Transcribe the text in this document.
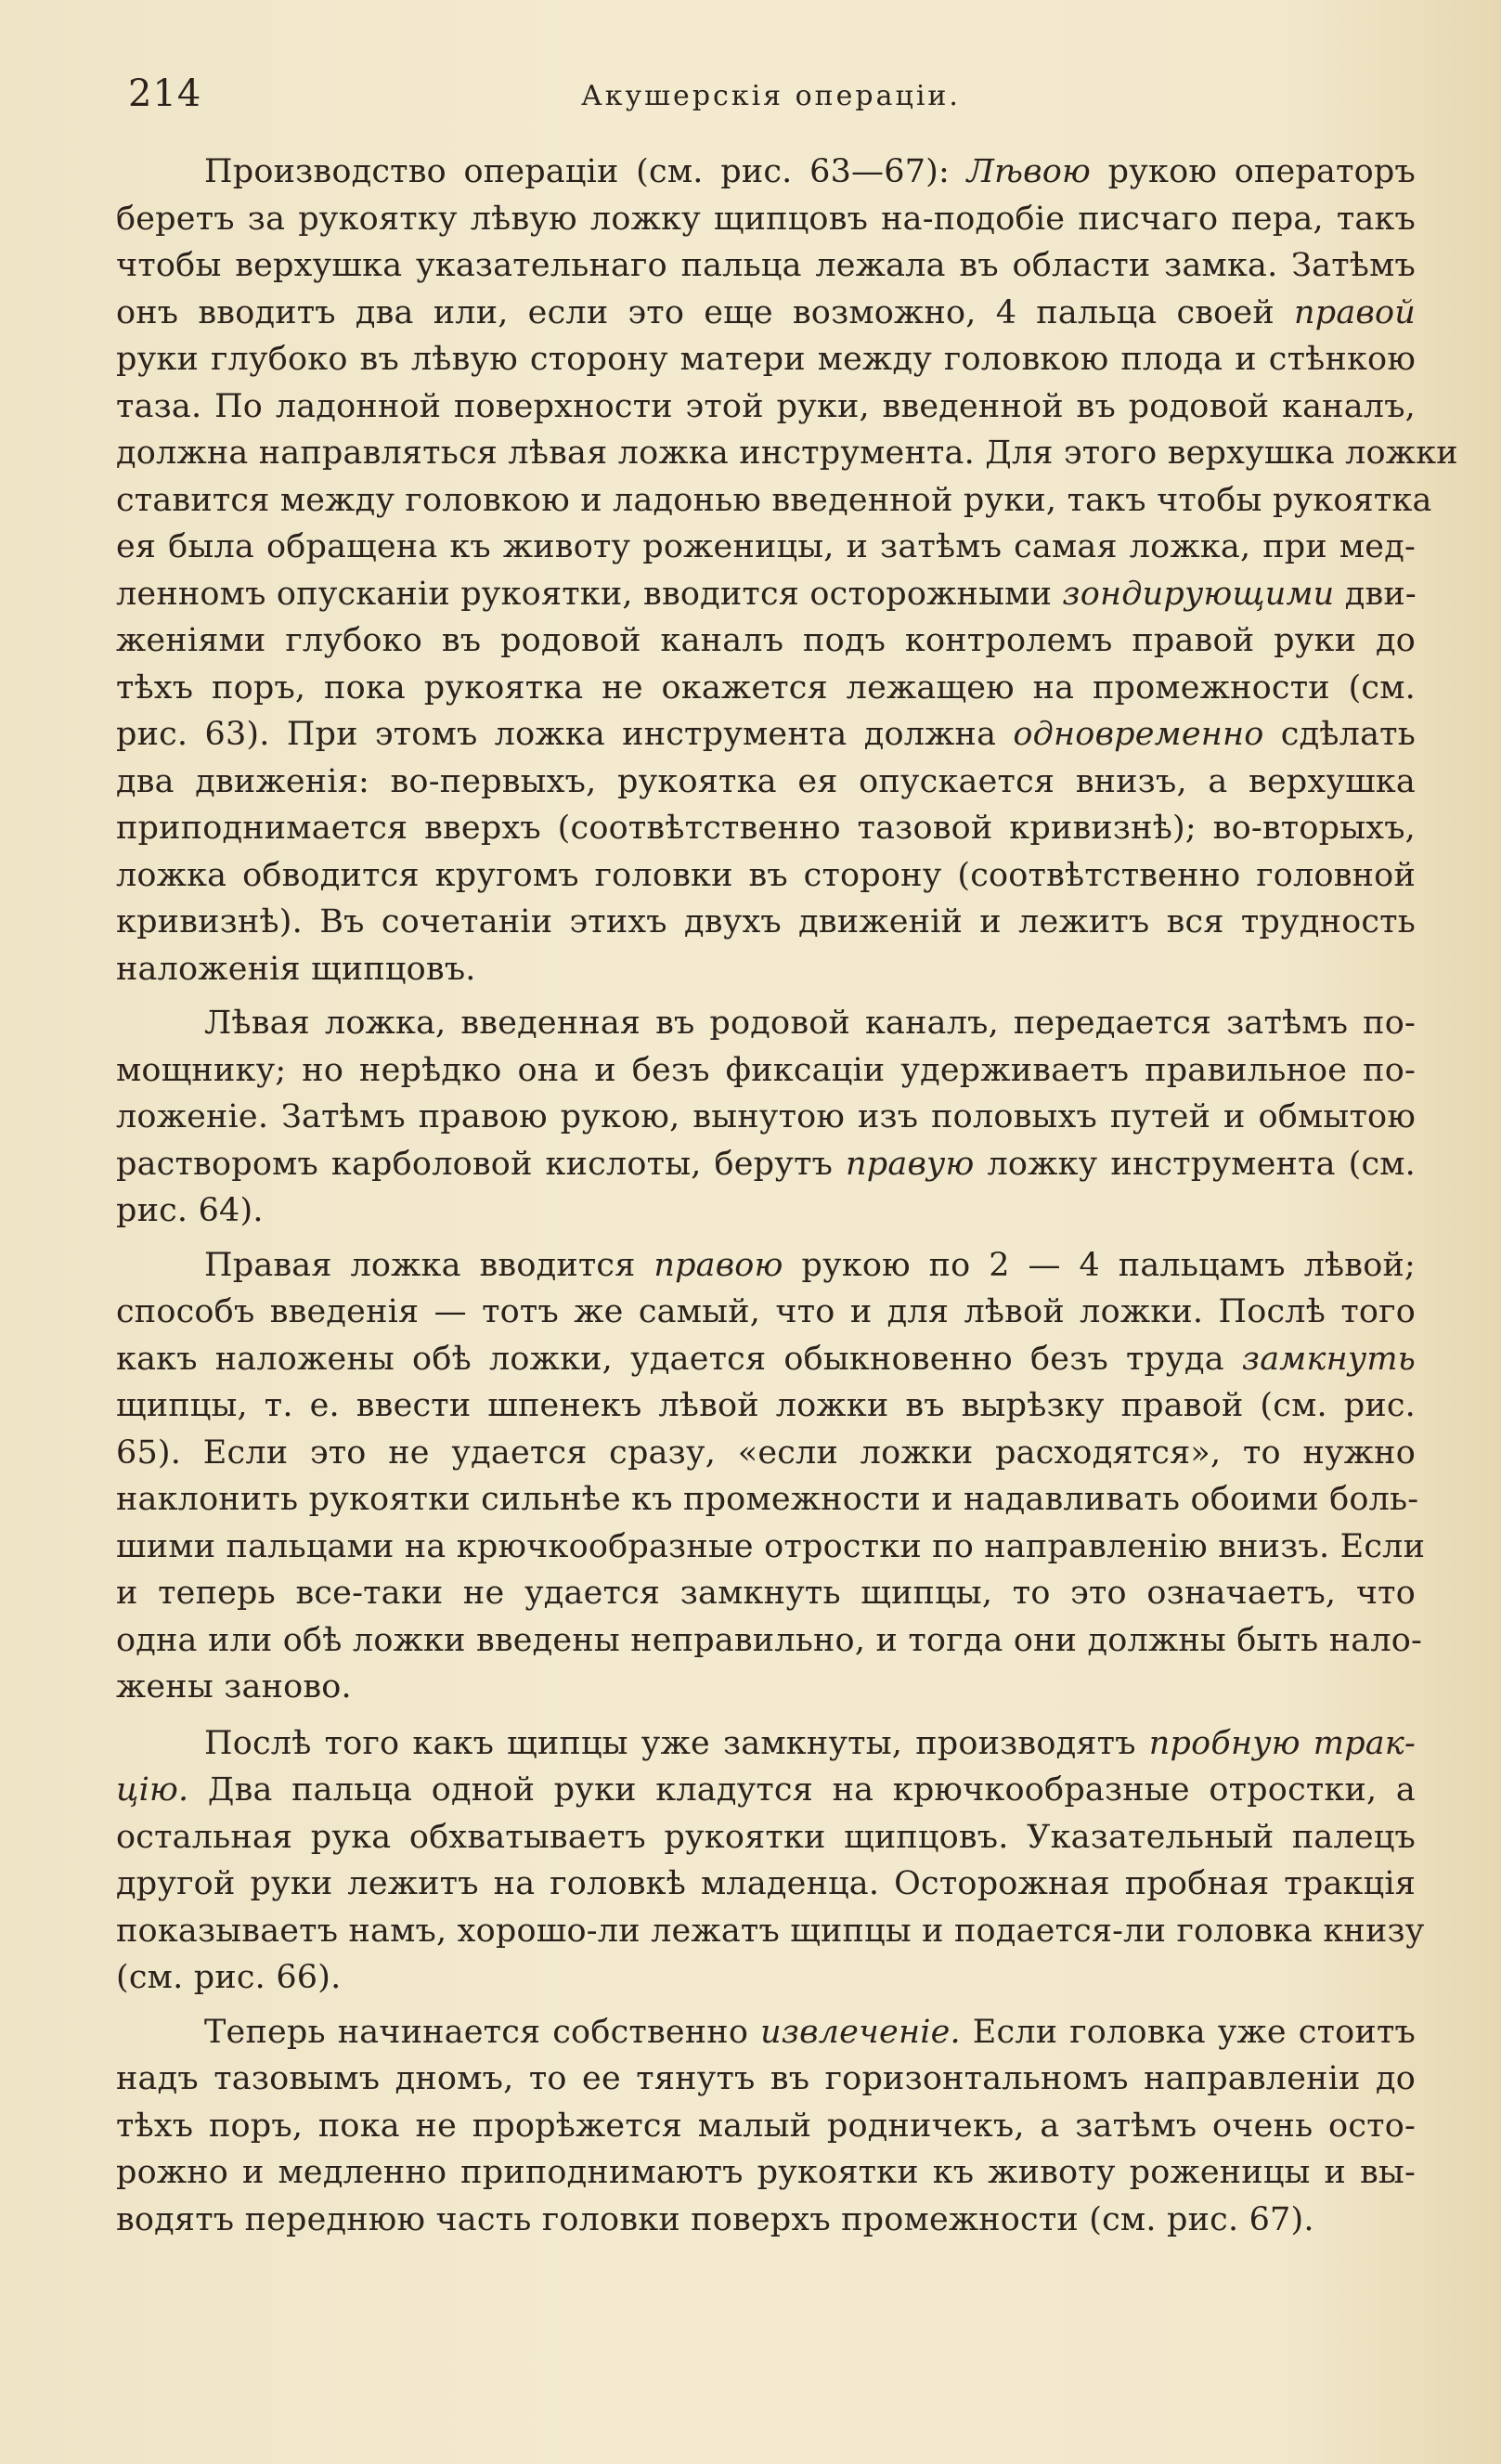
214	Акушерскія операціи.
Производство операціи (см. рис. 63—67): Лѣвою рукою операторъ
беретъ за рукоятку лѣвую ложку щипцовъ на-подобіе писчаго пера, такъ
чтобы верхушка указательнаго пальца лежала въ области замка. Затѣмъ
онъ вводитъ два или, если это еще возможно, 4 пальца своей правой
руки глубоко въ лѣвую сторону матери между головкою плода и стѣнкою
таза. По ладонной поверхности этой руки, введенной въ родовой каналъ,
должна направляться лѣвая ложка инструмента. Для этого верхушка ложки
ставится между головкою и ладонью введенной руки, такъ чтобы рукоятка
ея была обращена къ животу роженицы, и затѣмъ самая ложка, при мед-
ленномъ опусканіи рукоятки, вводится осторожными зондирующими дви-
женіями глубоко въ родовой каналъ подъ контролемъ правой руки до
тѣхъ поръ, пока рукоятка не окажется лежащею на промежности (см.
рис. 63). При этомъ ложка инструмента должна одновременно сдѣлать
два движенія: во-первыхъ, рукоятка ея опускается внизъ, а верхушка
приподнимается вверхъ (соотвѣтственно тазовой кривизнѣ); во-вторыхъ,
ложка обводится кругомъ головки въ сторону (соотвѣтственно головной
кривизнѣ). Въ сочетаніи этихъ двухъ движеній и лежитъ вся трудность
наложенія щипцовъ.
Лѣвая ложка, введенная въ родовой каналъ, передается затѣмъ по-
мощнику; но нерѣдко она и безъ фиксаціи удерживаетъ правильное по-
ложеніе. Затѣмъ правою рукою, вынутою изъ половыхъ путей и обмытою
растворомъ карболовой кислоты, берутъ правую ложку инструмента (см.
рис. 64).
Правая ложка вводится правою рукою по 2 — 4 пальцамъ лѣвой;
способъ введенія — тотъ же самый, что и для лѣвой ложки. Послѣ того
какъ наложены обѣ ложки, удается обыкновенно безъ труда замкнуть
щипцы, т. е. ввести шпенекъ лѣвой ложки въ вырѣзку правой (см. рис.
65). Если это не удается сразу, «если ложки расходятся», то нужно
наклонить рукоятки сильнѣе къ промежности и надавливать обоими боль-
шими пальцами на крючкообразные отростки по направленію внизъ. Если
и теперь все-таки не удается замкнуть щипцы, то это означаетъ, что
одна или обѣ ложки введены неправильно, и тогда они должны быть нало-
жены заново.
Послѣ того какъ щипцы уже замкнуты, производятъ пробную трак-
цію. Два пальца одной руки кладутся на крючкообразные отростки, а
остальная рука обхватываетъ рукоятки щипцовъ. Указательный палецъ
другой руки лежитъ на головкѣ младенца. Осторожная пробная тракція
показываетъ намъ, хорошо-ли лежатъ щипцы и подается-ли головка книзу
(см. рис. 66).
Теперь начинается собственно извлеченіе. Если головка уже стоитъ
надъ тазовымъ дномъ, то ее тянутъ въ горизонтальномъ направленіи до
тѣхъ поръ, пока не прорѣжется малый родничекъ, а затѣмъ очень осто-
рожно и медленно приподнимаютъ рукоятки къ животу роженицы и вы-
водятъ переднюю часть головки поверхъ промежности (см. рис. 67).
